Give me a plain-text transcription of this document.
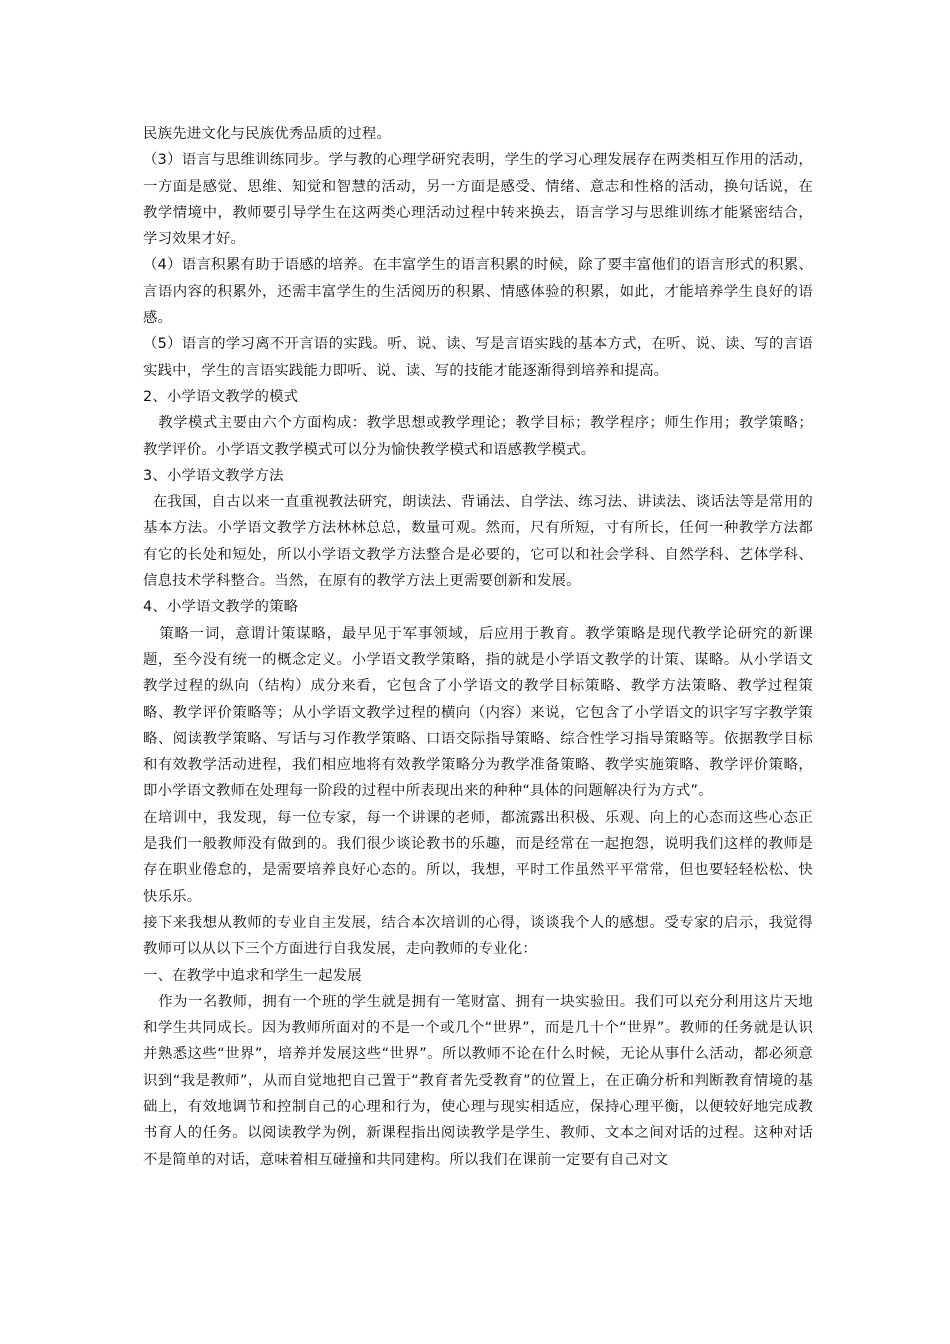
民族先进文化与民族优秀品质的过程。

（3）语言与思维训练同步。学与教的心理学研究表明，学生的学习心理发展存在两类相互作用的活动，一方面是感觉、思维、知觉和智慧的活动，另一方面是感受、情绪、意志和性格的活动，换句话说，在教学情境中，教师要引导学生在这两类心理活动过程中转来换去，语言学习与思维训练才能紧密结合，学习效果才好。

（4）语言积累有助于语感的培养。在丰富学生的语言积累的时候，除了要丰富他们的语言形式的积累、言语内容的积累外，还需丰富学生的生活阅历的积累、情感体验的积累，如此，才能培养学生良好的语感。

（5）语言的学习离不开言语的实践。听、说、读、写是言语实践的基本方式，在听、说、读、写的言语实践中，学生的言语实践能力即听、说、读、写的技能才能逐渐得到培养和提高。

2、小学语文教学的模式

教学模式主要由六个方面构成：教学思想或教学理论；教学目标；教学程序；师生作用；教学策略；教学评价。小学语文教学模式可以分为愉快教学模式和语感教学模式。

3、小学语文教学方法

在我国，自古以来一直重视教法研究，朗读法、背诵法、自学法、练习法、讲读法、谈话法等是常用的基本方法。小学语文教学方法林林总总，数量可观。然而，尺有所短，寸有所长，任何一种教学方法都有它的长处和短处，所以小学语文教学方法整合是必要的，它可以和社会学科、自然学科、艺体学科、信息技术学科整合。当然，在原有的教学方法上更需要创新和发展。

4、小学语文教学的策略

策略一词，意谓计策谋略，最早见于军事领域，后应用于教育。教学策略是现代教学论研究的新课题，至今没有统一的概念定义。小学语文教学策略，指的就是小学语文教学的计策、谋略。从小学语文教学过程的纵向（结构）成分来看，它包含了小学语文的教学目标策略、教学方法策略、教学过程策略、教学评价策略等；从小学语文教学过程的横向（内容）来说，它包含了小学语文的识字写字教学策略、阅读教学策略、写话与习作教学策略、口语交际指导策略、综合性学习指导策略等。依据教学目标和有效教学活动进程，我们相应地将有效教学策略分为教学准备策略、教学实施策略、教学评价策略，即小学语文教师在处理每一阶段的过程中所表现出来的种种“具体的问题解决行为方式”。

在培训中，我发现，每一位专家，每一个讲课的老师，都流露出积极、乐观、向上的心态而这些心态正是我们一般教师没有做到的。我们很少谈论教书的乐趣，而是经常在一起抱怨，说明我们这样的教师是存在职业倦怠的，是需要培养良好心态的。所以，我想，平时工作虽然平平常常，但也要轻轻松松、快快乐乐。

接下来我想从教师的专业自主发展，结合本次培训的心得，谈谈我个人的感想。受专家的启示，我觉得教师可以从以下三个方面进行自我发展，走向教师的专业化：

一、在教学中追求和学生一起发展

作为一名教师，拥有一个班的学生就是拥有一笔财富、拥有一块实验田。我们可以充分利用这片天地和学生共同成长。因为教师所面对的不是一个或几个“世界”，而是几十个“世界”。教师的任务就是认识并熟悉这些“世界”，培养并发展这些“世界”。所以教师不论在什么时候，无论从事什么活动，都必须意识到“我是教师”，从而自觉地把自己置于“教育者先受教育”的位置上，在正确分析和判断教育情境的基础上，有效地调节和控制自己的心理和行为，使心理与现实相适应，保持心理平衡，以便较好地完成教书育人的任务。以阅读教学为例，新课程指出阅读教学是学生、教师、文本之间对话的过程。这种对话不是简单的对话，意味着相互碰撞和共同建构。所以我们在课前一定要有自己对文
